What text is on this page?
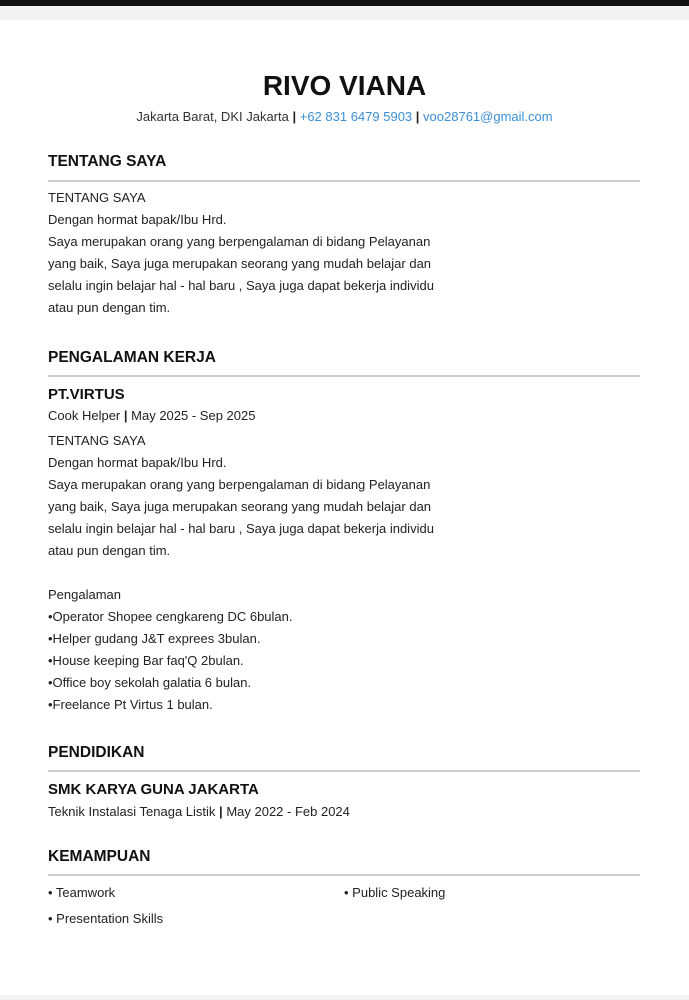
RIVO VIANA
Jakarta Barat, DKI Jakarta | +62 831 6479 5903 | voo28761@gmail.com
TENTANG SAYA
TENTANG SAYA
Dengan hormat bapak/Ibu Hrd.
Saya merupakan orang yang berpengalaman di bidang Pelayanan
yang baik, Saya juga merupakan seorang yang mudah belajar dan
selalu ingin belajar hal - hal baru , Saya juga dapat bekerja individu
atau pun dengan tim.
PENGALAMAN KERJA
PT.VIRTUS
Cook Helper | May 2025 - Sep 2025
TENTANG SAYA
Dengan hormat bapak/Ibu Hrd.
Saya merupakan orang yang berpengalaman di bidang Pelayanan
yang baik, Saya juga merupakan seorang yang mudah belajar dan
selalu ingin belajar hal - hal baru , Saya juga dapat bekerja individu
atau pun dengan tim.
Pengalaman
•Operator Shopee cengkareng DC 6bulan.
•Helper gudang J&T exprees 3bulan.
•House keeping Bar faq'Q 2bulan.
•Office boy sekolah galatia 6 bulan.
•Freelance Pt Virtus 1 bulan.
PENDIDIKAN
SMK KARYA GUNA JAKARTA
Teknik Instalasi Tenaga Listik | May 2022 - Feb 2024
KEMAMPUAN
• Teamwork	• Public Speaking
• Presentation Skills
